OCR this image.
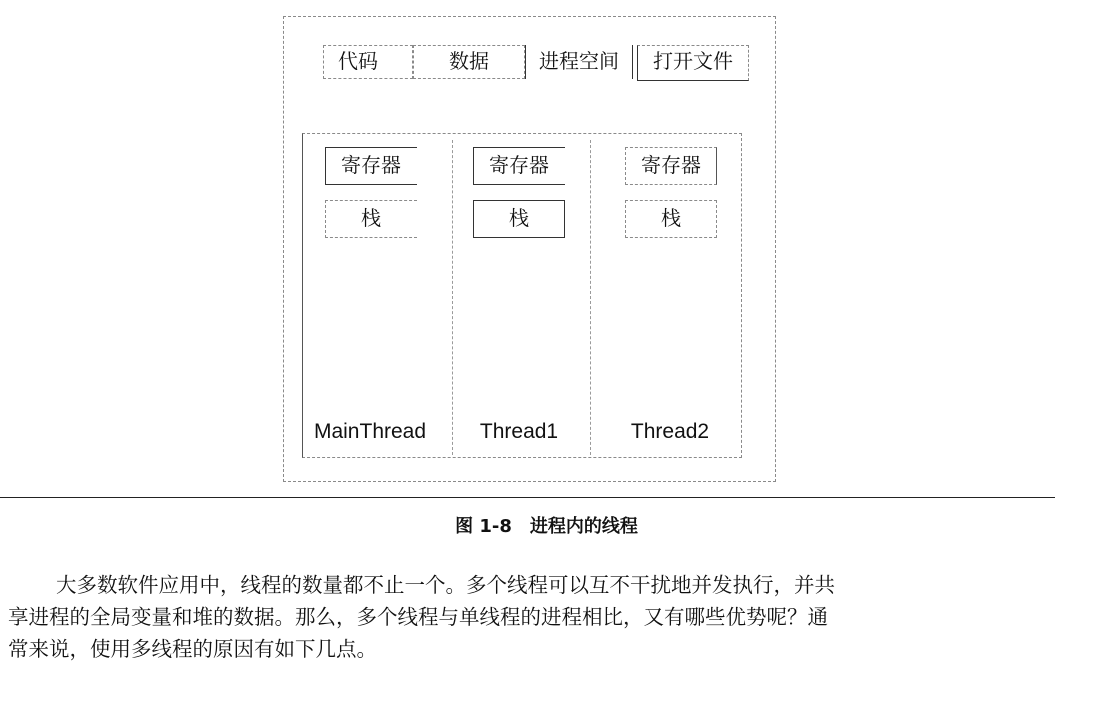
代码	数据	进程空间	打开文件
寄存器
栈
MainThread
寄存器
栈
Thread1
寄存器
栈
Thread2
图 1-8　进程内的线程

大多数软件应用中，线程的数量都不止一个。多个线程可以互不干扰地并发执行，并共

享进程的全局变量和堆的数据。那么，多个线程与单线程的进程相比，又有哪些优势呢？通

常来说，使用多线程的原因有如下几点。
